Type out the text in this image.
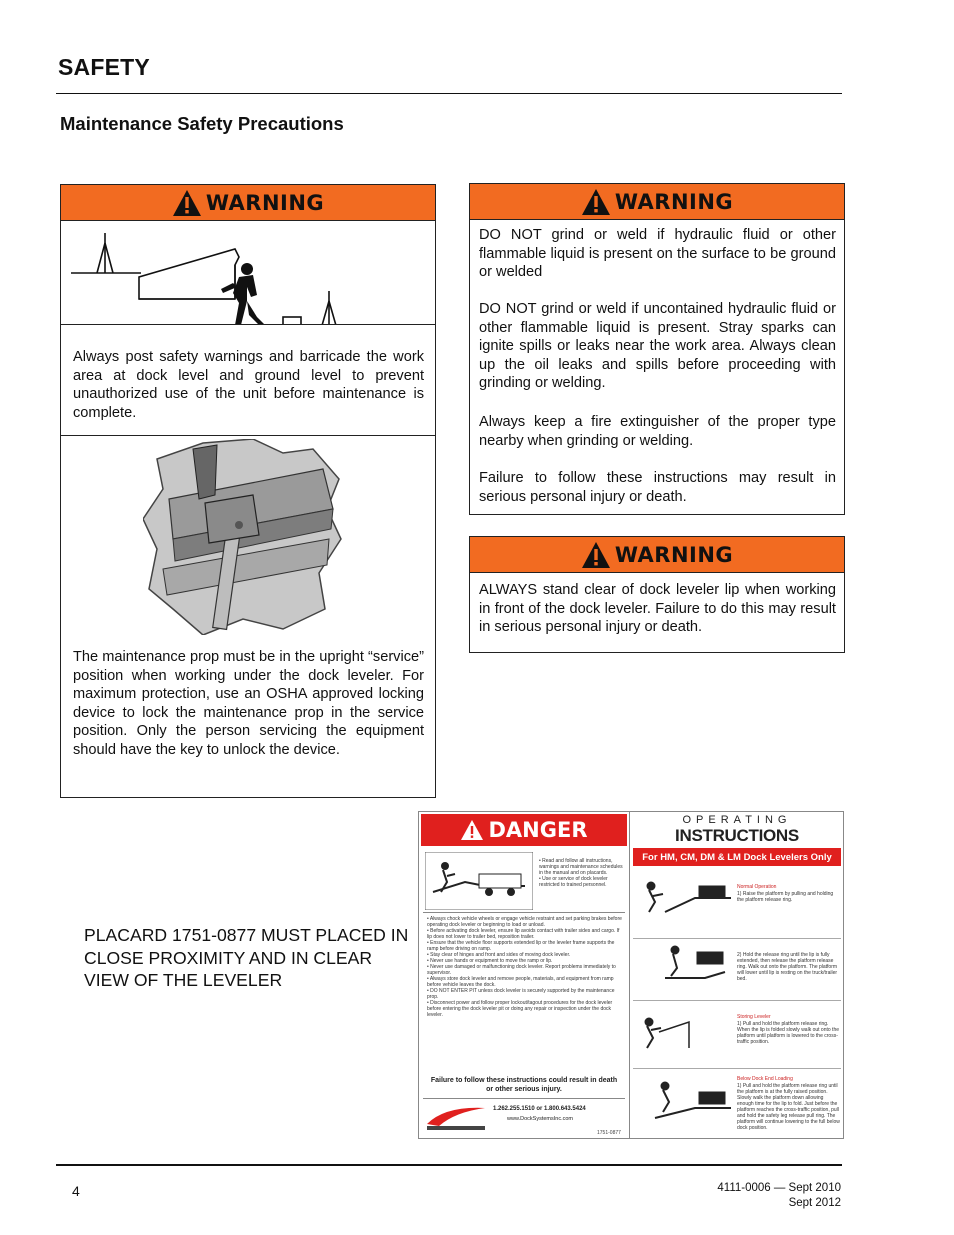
SAFETY
Maintenance Safety Precautions
WARNING
Always post safety warnings and barricade the work area at dock level and ground level to prevent unauthorized use of the unit before maintenance is complete.
The maintenance prop must be in the upright “service” position when working under the dock leveler. For maximum protection, use an OSHA approved locking device to lock the maintenance prop in the service position. Only the person servicing the equipment should have the key to unlock the device.
WARNING
DO NOT grind or weld if hydraulic fluid or other flammable liquid is present on the surface to be ground or welded
DO NOT grind or weld if uncontained hydraulic fluid or other flammable liquid is present. Stray sparks can ignite spills or leaks near the work area. Always clean up the oil leaks and spills before proceeding with grinding or welding.
Always keep a fire extinguisher of the proper type nearby when grinding or welding.
Failure to follow these instructions may result in serious personal injury or death.
WARNING
ALWAYS stand clear of dock leveler lip when working in front of the dock leveler. Failure to do this may result in serious personal injury or death.
PLACARD 1751-0877 MUST PLACED IN CLOSE PROXIMITY AND IN CLEAR VIEW OF THE LEVELER
DANGER
• Read and follow all instructions, warnings and maintenance schedules in the manual and on placards.
• Use or service of dock leveler restricted to trained personnel.
• Always chock vehicle wheels or engage vehicle restraint and set parking brakes before operating dock leveler or beginning to load or unload.
• Before activating dock leveler, ensure lip avoids contact with trailer sides and cargo. If lip does not lower to trailer bed, reposition trailer.
• Ensure that the vehicle floor supports extended lip or the leveler frame supports the ramp before driving on ramp.
• Stay clear of hinges and front and sides of moving dock leveler.
• Never use hands or equipment to move the ramp or lip.
• Never use damaged or malfunctioning dock leveler. Report problems immediately to supervisor.
• Always store dock leveler and remove people, materials, and equipment from ramp before vehicle leaves the dock.
• DO NOT ENTER PIT unless dock leveler is securely supported by the maintenance prop.
• Disconnect power and follow proper lockout/tagout procedures for the dock leveler before entering the dock leveler pit or doing any repair or inspection under the dock leveler.
Failure to follow these instructions could result in death or other serious injury.
1.262.255.1510 or 1.800.643.5424
www.DockSystemsInc.com
1751-0877
OPERATING
INSTRUCTIONS
For HM, CM, DM & LM Dock Levelers Only
Normal Operation
1) Raise the platform by pulling and holding the platform release ring.
2) Hold the release ring until the lip is fully extended, then release the platform release ring. Walk out onto the platform. The platform will lower until lip is resting on the truck/trailer bed.
Storing Leveler
1) Pull and hold the platform release ring. When the lip is folded slowly walk out onto the platform until platform is lowered to the cross-traffic position.
Below Dock End Loading
1) Pull and hold the platform release ring until the platform is at the fully raised position. Slowly walk the platform down allowing enough time for the lip to fold. Just before the platform reaches the cross-traffic position, pull and hold the safety leg release pull ring. The platform will continue lowering to the full below dock position.
4	4111-0006 — Sept 2010
Sept 2012
